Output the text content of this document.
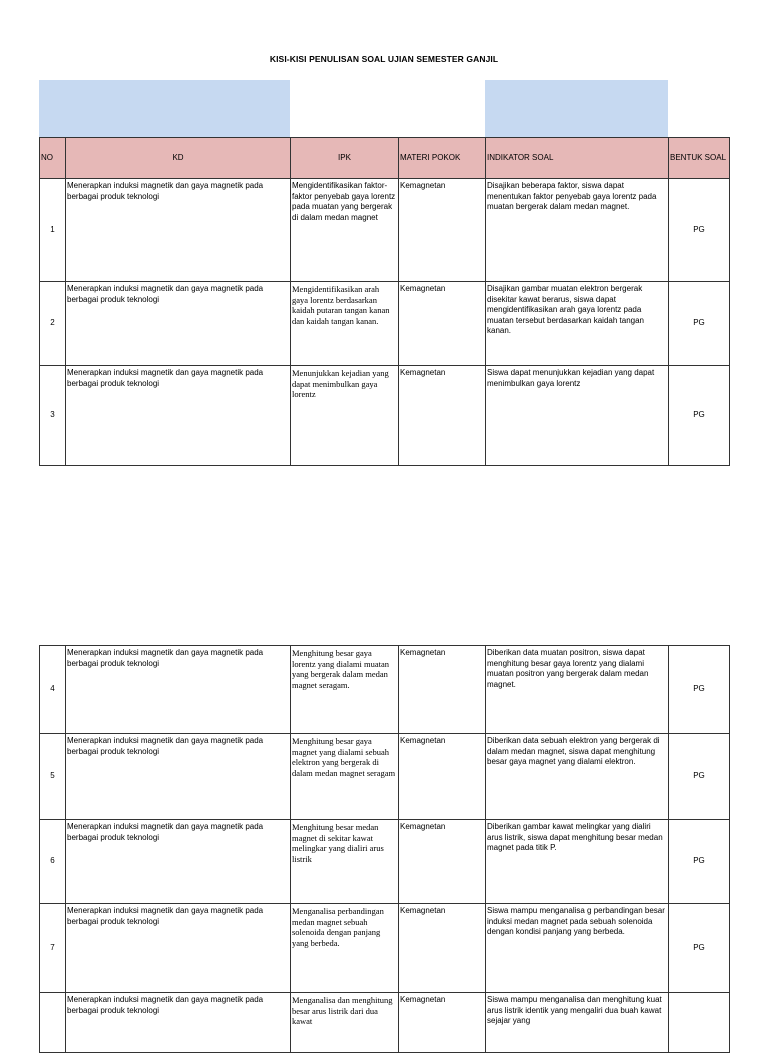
KISI-KISI PENULISAN SOAL UJIAN SEMESTER GANJIL
NO	KD	IPK	MATERI POKOK	INDIKATOR SOAL	BENTUK SOAL
1	Menerapkan induksi magnetik dan gaya magnetik pada berbagai produk teknologi	Mengidentifikasikan faktor-faktor penyebab gaya lorentz pada muatan yang bergerak di dalam medan magnet	Kemagnetan	Disajikan beberapa faktor, siswa dapat menentukan faktor penyebab gaya lorentz pada muatan bergerak dalam medan magnet.	PG
2	Menerapkan induksi magnetik dan gaya magnetik pada berbagai produk teknologi	Mengidentifikasikan arah gaya lorentz berdasarkan kaidah putaran tangan kanan dan kaidah tangan kanan.	Kemagnetan	Disajikan gambar muatan elektron bergerak disekitar kawat berarus, siswa dapat mengidentifikasikan arah gaya lorentz pada muatan tersebut berdasarkan kaidah tangan kanan.	PG
3	Menerapkan induksi magnetik dan gaya magnetik pada berbagai produk teknologi	Menunjukkan kejadian yang dapat menimbulkan gaya lorentz	Kemagnetan	Siswa dapat menunjukkan kejadian yang dapat menimbulkan gaya lorentz	PG
4	Menerapkan induksi magnetik dan gaya magnetik pada berbagai produk teknologi	Menghitung besar gaya lorentz yang dialami muatan yang bergerak dalam medan magnet seragam.	Kemagnetan	Diberikan data muatan positron, siswa dapat menghitung besar gaya lorentz yang dialami muatan positron yang bergerak dalam medan magnet.	PG
5	Menerapkan induksi magnetik dan gaya magnetik pada berbagai produk teknologi	Menghitung besar gaya magnet yang dialami sebuah elektron yang bergerak di dalam medan magnet seragam	Kemagnetan	Diberikan data sebuah elektron yang bergerak di dalam medan magnet, siswa dapat menghitung besar gaya magnet yang dialami elektron.	PG
6	Menerapkan induksi magnetik dan gaya magnetik pada berbagai produk teknologi	Menghitung besar medan magnet di sekitar kawat melingkar yang dialiri arus listrik	Kemagnetan	Diberikan gambar kawat melingkar yang dialiri arus listrik, siswa dapat menghitung besar medan magnet pada titik P.	PG
7	Menerapkan induksi magnetik dan gaya magnetik pada berbagai produk teknologi	Menganalisa perbandingan medan magnet sebuah solenoida dengan panjang yang berbeda.	Kemagnetan	Siswa mampu menganalisa g perbandingan besar induksi medan magnet pada sebuah solenoida dengan kondisi panjang yang berbeda.	PG
	Menerapkan induksi magnetik dan gaya magnetik pada berbagai produk teknologi	Menganalisa dan menghitung besar arus listrik dari dua kawat	Kemagnetan	Siswa mampu menganalisa dan menghitung kuat arus listrik identik yang mengaliri dua buah kawat sejajar yang	
